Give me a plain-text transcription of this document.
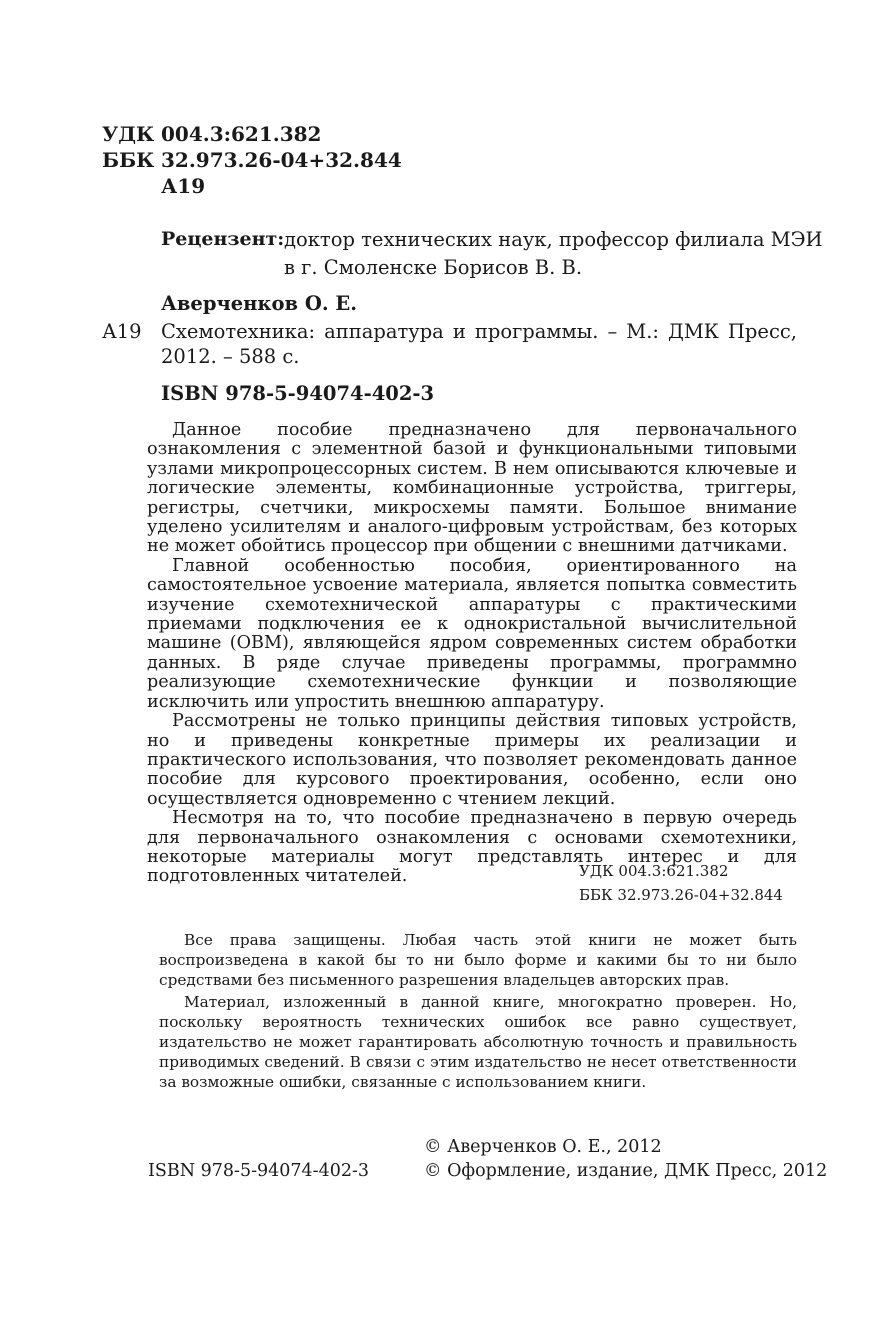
УДК 004.3:621.382
ББК 32.973.26-04+32.844
А19
Рецензент: доктор технических наук, профессор филиала МЭИ
в г. Смоленске Борисов В. В.
Аверченков О. Е.
А19 Схемотехника: аппаратура и программы. – М.: ДМК Пресс,
2012. – 588 с.
ISBN 978-5-94074-402-3

Данное пособие предназначено для первоначального ознакомления с элементной базой и функциональными типовыми узлами микропроцессорных систем. В нем описываются ключевые и логические элементы, комбинационные устройства, триггеры, регистры, счетчики, микросхемы памяти. Большое внимание уделено усилителям и аналого-цифровым устройствам, без которых не может обойтись процессор при общении с внешними датчиками.

Главной особенностью пособия, ориентированного на самостоятельное усвоение материала, является попытка совместить изучение схемотехнической аппаратуры с практическими приемами подключения ее к однокристальной вычислительной машине (ОВМ), являющейся ядром современных систем обработки данных. В ряде случае приведены программы, программно реализующие схемотехнические функции и позволяющие исключить или упростить внешнюю аппаратуру.

Рассмотрены не только принципы действия типовых устройств, но и приведены конкретные примеры их реализации и практического использования, что позволяет рекомендовать данное пособие для курсового проектирования, особенно, если оно осуществляется одновременно с чтением лекций.

Несмотря на то, что пособие предназначено в первую очередь для первоначального ознакомления с основами схемотехники, некоторые материалы могут представлять интерес и для подготовленных читателей.	УДК 004.3:621.382
ББК 32.973.26-04+32.844

Все права защищены. Любая часть этой книги не может быть воспроизведена в какой бы то ни было форме и какими бы то ни было средствами без письменного разрешения владельцев авторских прав.

Материал, изложенный в данной книге, многократно проверен. Но, поскольку вероятность технических ошибок все равно существует, издательство не может гарантировать абсолютную точность и правильность приводимых сведений. В связи с этим издательство не несет ответственности за возможные ошибки, связанные с использованием книги.

ISBN 978-5-94074-402-3
© Аверченков О. Е., 2012
© Оформление, издание, ДМК Пресс, 2012
